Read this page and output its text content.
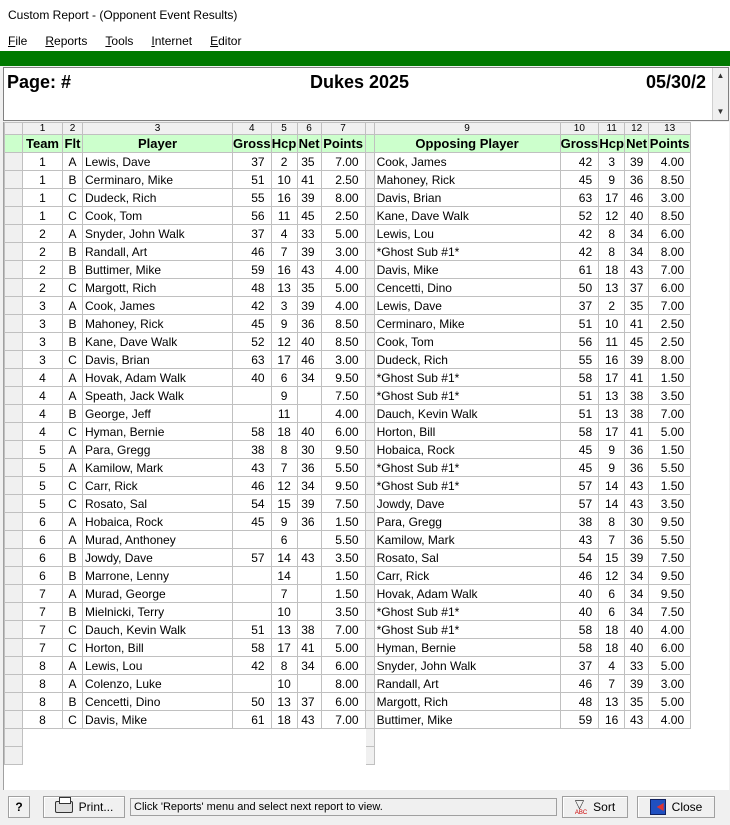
Custom Report - (Opponent Event Results)
File Reports Tools Internet Editor
Page: #	Dukes 2025	05/30/2	▲
▼
	1	2	3	4	5	6	7		9	10	11	12	13
	Team	Flt	Player	Gross	Hcp	Net	Points		Opposing Player	Gross	Hcp	Net	Points
	1	A	Lewis, Dave	37	2	35	7.00		Cook, James	42	3	39	4.00
	1	B	Cerminaro, Mike	51	10	41	2.50		Mahoney, Rick	45	9	36	8.50
	1	C	Dudeck, Rich	55	16	39	8.00		Davis, Brian	63	17	46	3.00
	1	C	Cook, Tom	56	11	45	2.50		Kane, Dave Walk	52	12	40	8.50
	2	A	Snyder, John Walk	37	4	33	5.00		Lewis, Lou	42	8	34	6.00
	2	B	Randall, Art	46	7	39	3.00		*Ghost Sub #1*	42	8	34	8.00
	2	B	Buttimer, Mike	59	16	43	4.00		Davis, Mike	61	18	43	7.00
	2	C	Margott, Rich	48	13	35	5.00		Cencetti, Dino	50	13	37	6.00
	3	A	Cook, James	42	3	39	4.00		Lewis, Dave	37	2	35	7.00
	3	B	Mahoney, Rick	45	9	36	8.50		Cerminaro, Mike	51	10	41	2.50
	3	B	Kane, Dave Walk	52	12	40	8.50		Cook, Tom	56	11	45	2.50
	3	C	Davis, Brian	63	17	46	3.00		Dudeck, Rich	55	16	39	8.00
	4	A	Hovak, Adam Walk	40	6	34	9.50		*Ghost Sub #1*	58	17	41	1.50
	4	A	Speath, Jack Walk		9		7.50		*Ghost Sub #1*	51	13	38	3.50
	4	B	George, Jeff		11		4.00		Dauch, Kevin Walk	51	13	38	7.00
	4	C	Hyman, Bernie	58	18	40	6.00		Horton, Bill	58	17	41	5.00
	5	A	Para, Gregg	38	8	30	9.50		Hobaica, Rock	45	9	36	1.50
	5	A	Kamilow, Mark	43	7	36	5.50		*Ghost Sub #1*	45	9	36	5.50
	5	C	Carr, Rick	46	12	34	9.50		*Ghost Sub #1*	57	14	43	1.50
	5	C	Rosato, Sal	54	15	39	7.50		Jowdy, Dave	57	14	43	3.50
	6	A	Hobaica, Rock	45	9	36	1.50		Para, Gregg	38	8	30	9.50
	6	A	Murad, Anthoney		6		5.50		Kamilow, Mark	43	7	36	5.50
	6	B	Jowdy, Dave	57	14	43	3.50		Rosato, Sal	54	15	39	7.50
	6	B	Marrone, Lenny		14		1.50		Carr, Rick	46	12	34	9.50
	7	A	Murad, George		7		1.50		Hovak, Adam Walk	40	6	34	9.50
	7	B	Mielnicki, Terry		10		3.50		*Ghost Sub #1*	40	6	34	7.50
	7	C	Dauch, Kevin Walk	51	13	38	7.00		*Ghost Sub #1*	58	18	40	4.00
	7	C	Horton, Bill	58	17	41	5.00		Hyman, Bernie	58	18	40	6.00
	8	A	Lewis, Lou	42	8	34	6.00		Snyder, John Walk	37	4	33	5.00
	8	A	Colenzo, Luke		10		8.00		Randall, Art	46	7	39	3.00
	8	B	Cencetti, Dino	50	13	37	6.00		Margott, Rich	48	13	35	5.00
	8	C	Davis, Mike	61	18	43	7.00		Buttimer, Mike	59	16	43	4.00

?	Print...	Click 'Reports' menu and select next report to view.	▽
ABC Sort	Close
